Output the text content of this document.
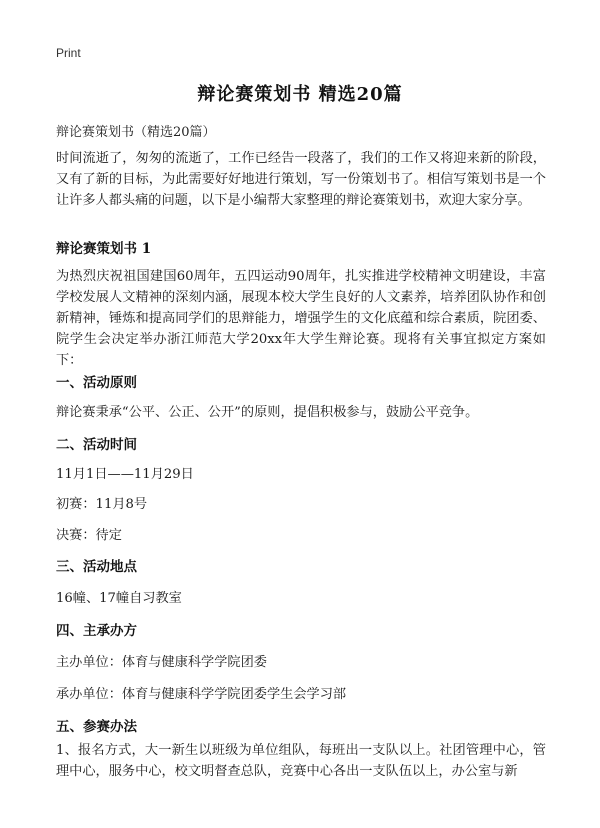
Print
辩论赛策划书 精选20篇
辩论赛策划书（精选20篇）
时间流逝了，匆匆的流逝了，工作已经告一段落了，我们的工作又将迎来新的阶段，又有了新的目标，为此需要好好地进行策划，写一份策划书了。相信写策划书是一个让许多人都头痛的问题，以下是小编帮大家整理的辩论赛策划书，欢迎大家分享。
辩论赛策划书 1
为热烈庆祝祖国建国60周年，五四运动90周年，扎实推进学校精神文明建设，丰富学校发展人文精神的深刻内涵，展现本校大学生良好的人文素养，培养团队协作和创新精神，锤炼和提高同学们的思辩能力，增强学生的文化底蕴和综合素质，院团委、院学生会决定举办浙江师范大学20xx年大学生辩论赛。现将有关事宜拟定方案如下：
一、活动原则
辩论赛秉承“公平、公正、公开”的原则，提倡积极参与，鼓励公平竞争。
二、活动时间
11月1日——11月29日
初赛：11月8号
决赛：待定
三、活动地点
16幢、17幢自习教室
四、主承办方
主办单位：体育与健康科学学院团委
承办单位：体育与健康科学学院团委学生会学习部
五、参赛办法
1、报名方式，大一新生以班级为单位组队，每班出一支队以上。社团管理中心，管理中心，服务中心，校文明督查总队，竞赛中心各出一支队伍以上，办公室与新
